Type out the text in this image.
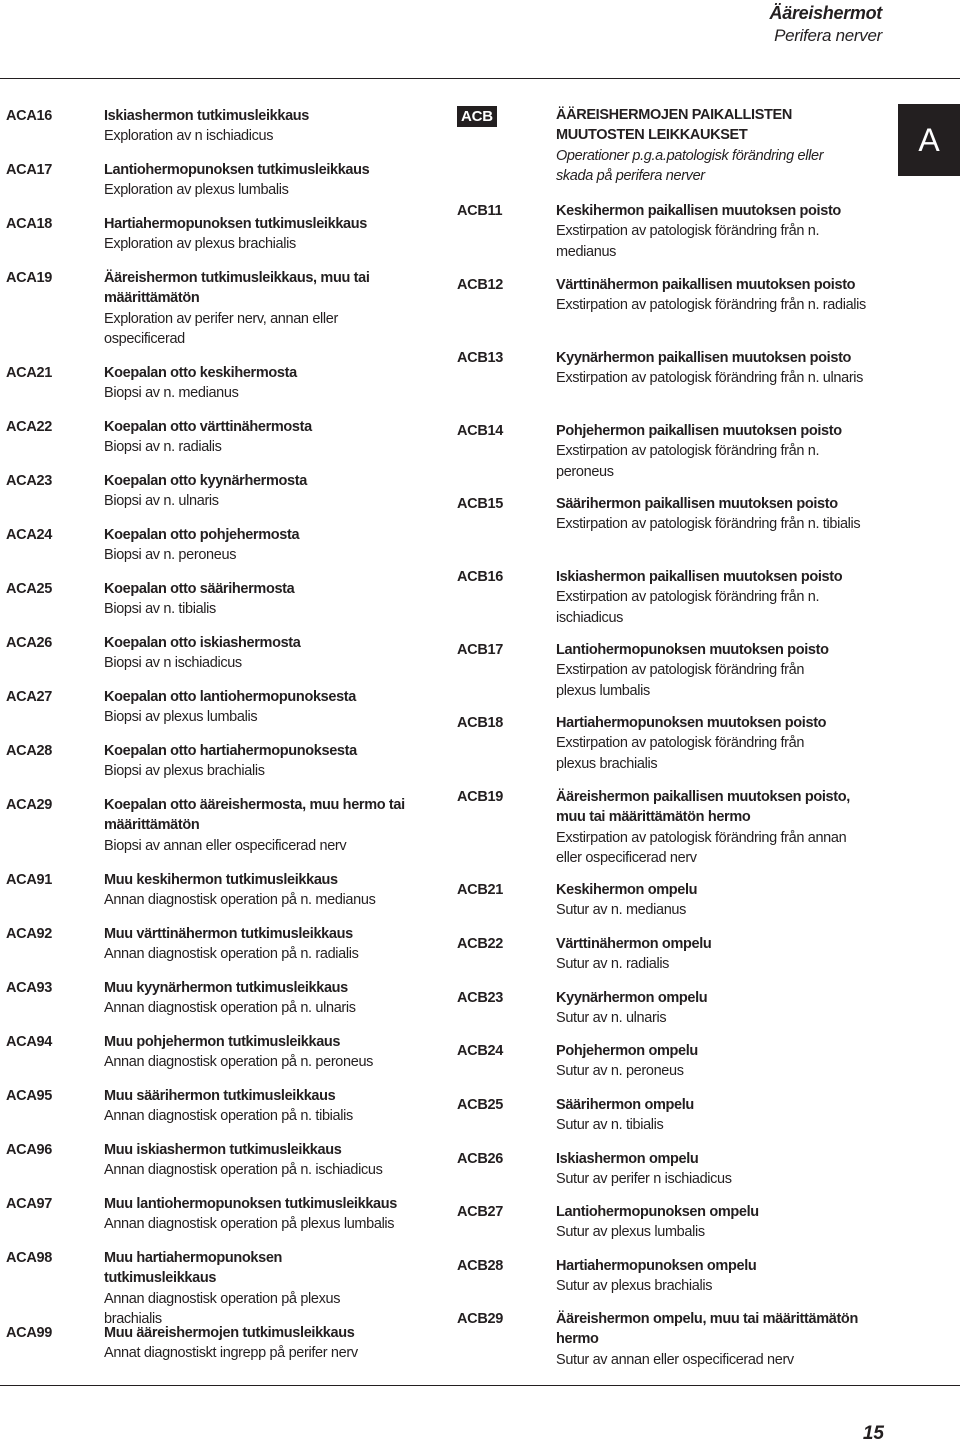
Ääreishermot
Perifera nerver
A
ACA16	Iskiashermon tutkimusleikkaus
Exploration av n ischiadicus
ACA17	Lantiohermopunoksen tutkimusleikkaus
Exploration av plexus lumbalis
ACA18	Hartiahermopunoksen tutkimusleikkaus
Exploration av plexus brachialis
ACA19	Ääreishermon tutkimusleikkaus, muu tai määrittämätön
Exploration av perifer nerv, annan eller ospecificerad
ACA21	Koepalan otto keskihermosta
Biopsi av n. medianus
ACA22	Koepalan otto värttinähermosta
Biopsi av n. radialis
ACA23	Koepalan otto kyynärhermosta
Biopsi av n. ulnaris
ACA24	Koepalan otto pohjehermosta
Biopsi av n. peroneus
ACA25	Koepalan otto säärihermosta
Biopsi av n. tibialis
ACA26	Koepalan otto iskiashermosta
Biopsi av n ischiadicus
ACA27	Koepalan otto lantiohermopunoksesta
Biopsi av plexus lumbalis
ACA28	Koepalan otto hartiahermopunoksesta
Biopsi av plexus brachialis
ACA29	Koepalan otto ääreishermosta, muu hermo tai määrittämätön
Biopsi av annan eller ospecificerad nerv
ACA91	Muu keskihermon tutkimusleikkaus
Annan diagnostisk operation på n. medianus
ACA92	Muu värttinähermon tutkimusleikkaus
Annan diagnostisk operation på n. radialis
ACA93	Muu kyynärhermon tutkimusleikkaus
Annan diagnostisk operation på n. ulnaris
ACA94	Muu pohjehermon tutkimusleikkaus
Annan diagnostisk operation på n. peroneus
ACA95	Muu säärihermon tutkimusleikkaus
Annan diagnostisk operation på n. tibialis
ACA96	Muu iskiashermon tutkimusleikkaus
Annan diagnostisk operation på n. ischiadicus
ACA97	Muu lantiohermopunoksen tutkimusleikkaus
Annan diagnostisk operation på plexus lumbalis
ACA98	Muu hartiahermopunoksen tutkimusleikkaus
Annan diagnostisk operation på plexus brachialis
ACA99	Muu ääreishermojen tutkimusleikkaus
Annat diagnostiskt ingrepp på perifer nerv
ACB	ÄÄREISHERMOJEN PAIKALLISTEN MUUTOSTEN LEIKKAUKSET
Operationer p.g.a.patologisk förändring eller skada på perifera nerver
ACB11	Keskihermon paikallisen muutoksen poisto
Exstirpation av patologisk förändring från n. medianus
ACB12	Värttinähermon paikallisen muutoksen poisto
Exstirpation av patologisk förändring från n. radialis
ACB13	Kyynärhermon paikallisen muutoksen poisto
Exstirpation av patologisk förändring från n. ulnaris
ACB14	Pohjehermon paikallisen muutoksen poisto
Exstirpation av patologisk förändring från n. peroneus
ACB15	Säärihermon paikallisen muutoksen poisto
Exstirpation av patologisk förändring från n. tibialis
ACB16	Iskiashermon paikallisen muutoksen poisto
Exstirpation av patologisk förändring från n. ischiadicus
ACB17	Lantiohermopunoksen muutoksen poisto
Exstirpation av patologisk förändring från plexus lumbalis
ACB18	Hartiahermopunoksen muutoksen poisto
Exstirpation av patologisk förändring från plexus brachialis
ACB19	Ääreishermon paikallisen muutoksen poisto, muu tai määrittämätön hermo
Exstirpation av patologisk förändring från annan eller ospecificerad nerv
ACB21	Keskihermon ompelu
Sutur av n. medianus
ACB22	Värttinähermon ompelu
Sutur av n. radialis
ACB23	Kyynärhermon ompelu
Sutur av n. ulnaris
ACB24	Pohjehermon ompelu
Sutur av n. peroneus
ACB25	Säärihermon ompelu
Sutur av n. tibialis
ACB26	Iskiashermon ompelu
Sutur av perifer n ischiadicus
ACB27	Lantiohermopunoksen ompelu
Sutur av plexus lumbalis
ACB28	Hartiahermopunoksen ompelu
Sutur av plexus brachialis
ACB29	Ääreishermon ompelu, muu tai määrittämätön hermo
Sutur av annan eller ospecificerad nerv
15
